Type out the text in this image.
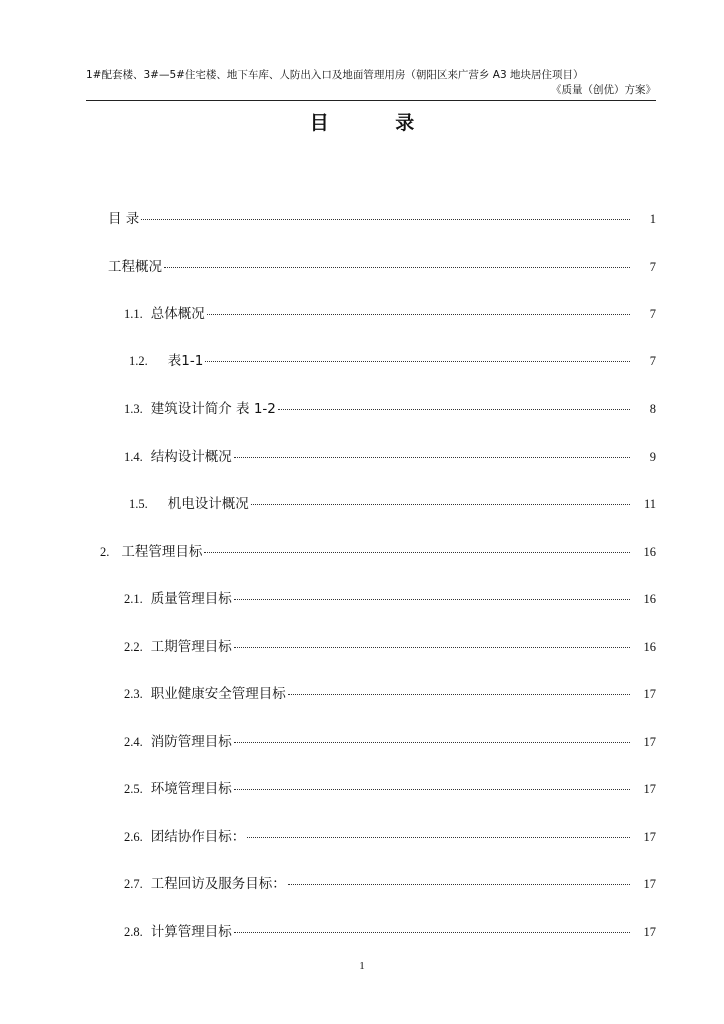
1#配套楼、3#—5#住宅楼、地下车库、人防出入口及地面管理用房（朝阳区来广营乡 A3 地块居住项目）
《质量（创优）方案》
目 录
目 录	1
工程概况	7
1.1. 总体概况	7
1.2. 表1-1	7
1.3. 建筑设计简介 表 1-2	8
1.4. 结构设计概况	9
1.5. 机电设计概况	11
2. 工程管理目标	16
2.1. 质量管理目标	16
2.2. 工期管理目标	16
2.3. 职业健康安全管理目标	17
2.4. 消防管理目标	17
2.5. 环境管理目标	17
2.6. 团结协作目标：	17
2.7. 工程回访及服务目标：	17
2.8. 计算管理目标	17
1
